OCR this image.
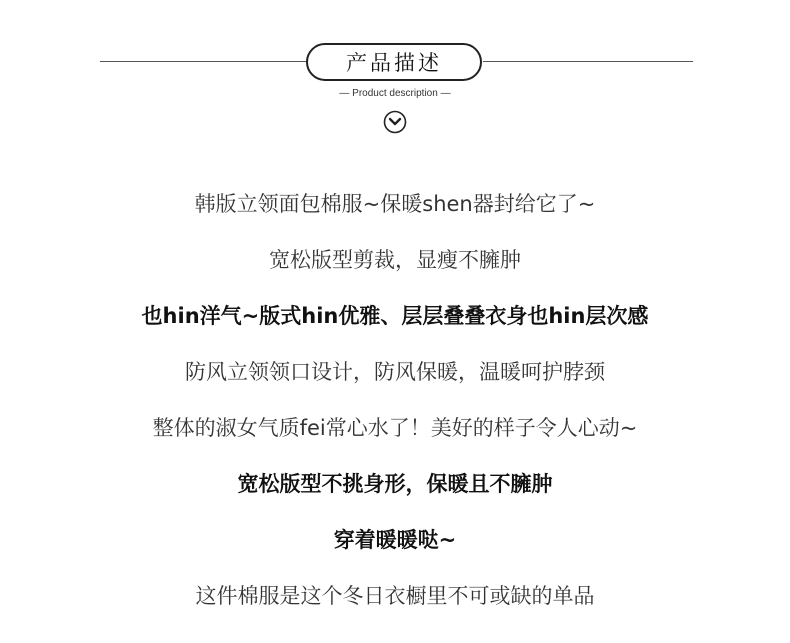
产品描述
— Product description —
韩版立领面包棉服~保暖shen器封给它了~
宽松版型剪裁，显瘦不臃肿
也hin洋气~版式hin优雅、层层叠叠衣身也hin层次感
防风立领领口设计，防风保暖，温暖呵护脖颈
整体的淑女气质fei常心水了！美好的样子令人心动~
宽松版型不挑身形，保暖且不臃肿
穿着暖暖哒~
这件棉服是这个冬日衣橱里不可或缺的单品
